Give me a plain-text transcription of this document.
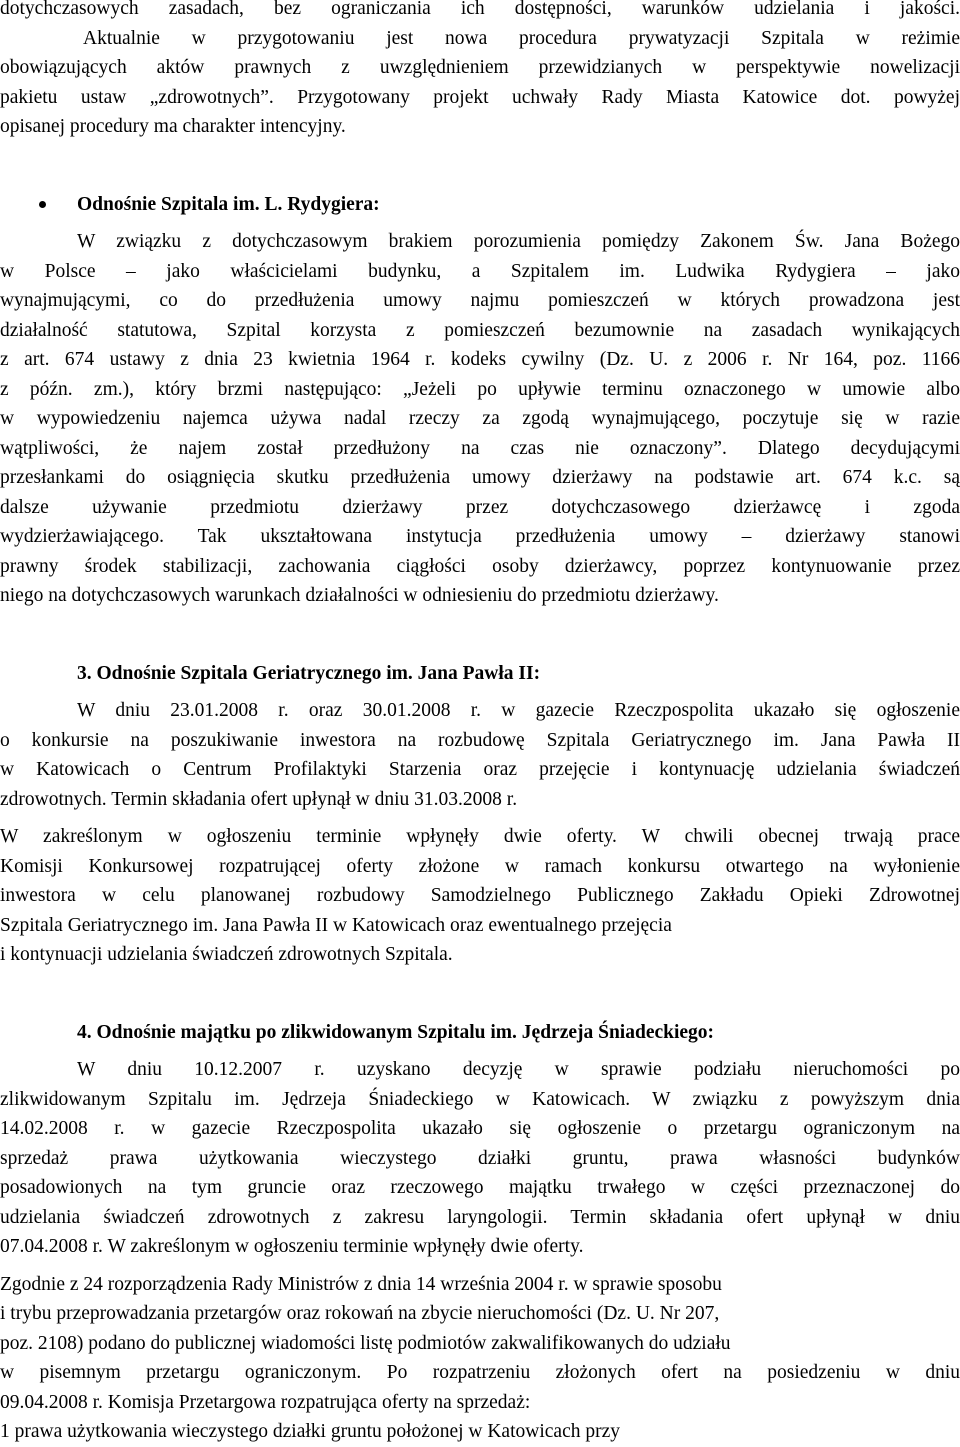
dotychczasowych zasadach, bez ograniczania ich dostępności, warunków udzielania i jakości.

Aktualnie w przygotowaniu jest nowa procedura prywatyzacji Szpitala w reżimie

obowiązujących aktów prawnych z uwzględnieniem przewidzianych w perspektywie nowelizacji

pakietu ustaw „zdrowotnych”. Przygotowany projekt uchwały Rady Miasta Katowice dot. powyżej

opisanej procedury ma charakter intencyjny.

Odnośnie Szpitala im. L. Rydygiera:

W związku z dotychczasowym brakiem porozumienia pomiędzy Zakonem Św. Jana Bożego

w Polsce – jako właścicielami budynku, a Szpitalem im. Ludwika Rydygiera – jako

wynajmującymi, co do przedłużenia umowy najmu pomieszczeń w których prowadzona jest

działalność statutowa, Szpital korzysta z pomieszczeń bezumownie na zasadach wynikających

z art. 674 ustawy z dnia 23 kwietnia 1964 r. kodeks cywilny (Dz. U. z 2006 r. Nr 164, poz. 1166

z późn. zm.), który brzmi następująco: „Jeżeli po upływie terminu oznaczonego w umowie albo

w wypowiedzeniu najemca używa nadal rzeczy za zgodą wynajmującego, poczytuje się w razie

wątpliwości, że najem został przedłużony na czas nie oznaczony”. Dlatego decydującymi

przesłankami do osiągnięcia skutku przedłużenia umowy dzierżawy na podstawie art. 674 k.c. są

dalsze używanie przedmiotu dzierżawy przez dotychczasowego dzierżawcę i zgoda

wydzierżawiającego. Tak ukształtowana instytucja przedłużenia umowy – dzierżawy stanowi

prawny środek stabilizacji, zachowania ciągłości osoby dzierżawcy, poprzez kontynuowanie przez

niego na dotychczasowych warunkach działalności w odniesieniu do przedmiotu dzierżawy.

3. Odnośnie Szpitala Geriatrycznego im. Jana Pawła II:

W dniu 23.01.2008 r. oraz 30.01.2008 r. w gazecie Rzeczpospolita ukazało się ogłoszenie

o konkursie na poszukiwanie inwestora na rozbudowę Szpitala Geriatrycznego im. Jana Pawła II

w Katowicach o Centrum Profilaktyki Starzenia oraz przejęcie i kontynuację udzielania świadczeń

zdrowotnych. Termin składania ofert upłynął w dniu 31.03.2008 r.

W zakreślonym w ogłoszeniu terminie wpłynęły dwie oferty. W chwili obecnej trwają prace

Komisji Konkursowej rozpatrującej oferty złożone w ramach konkursu otwartego na wyłonienie

inwestora w celu planowanej rozbudowy Samodzielnego Publicznego Zakładu Opieki Zdrowotnej

Szpitala Geriatrycznego im. Jana Pawła II w Katowicach oraz ewentualnego przejęcia

i kontynuacji udzielania świadczeń zdrowotnych Szpitala.

4. Odnośnie majątku po zlikwidowanym Szpitalu im. Jędrzeja Śniadeckiego:

W dniu 10.12.2007 r. uzyskano decyzję w sprawie podziału nieruchomości po

zlikwidowanym Szpitalu im. Jędrzeja Śniadeckiego w Katowicach. W związku z powyższym dnia

14.02.2008 r. w gazecie Rzeczpospolita ukazało się ogłoszenie o przetargu ograniczonym na

sprzedaż prawa użytkowania wieczystego działki gruntu, prawa własności budynków

posadowionych na tym gruncie oraz rzeczowego majątku trwałego w części przeznaczonej do

udzielania świadczeń zdrowotnych z zakresu laryngologii. Termin składania ofert upłynął w dniu

07.04.2008 r. W zakreślonym w ogłoszeniu terminie wpłynęły dwie oferty.

Zgodnie z 24 rozporządzenia Rady Ministrów z dnia 14 września 2004 r. w sprawie sposobu

i trybu przeprowadzania przetargów oraz rokowań na zbycie nieruchomości (Dz. U. Nr 207,

poz. 2108) podano do publicznej wiadomości listę podmiotów zakwalifikowanych do udziału

w pisemnym przetargu ograniczonym. Po rozpatrzeniu złożonych ofert na posiedzeniu w dniu

09.04.2008 r. Komisja Przetargowa rozpatrująca oferty na sprzedaż:

1 prawa użytkowania wieczystego działki gruntu położonej w Katowicach przy
